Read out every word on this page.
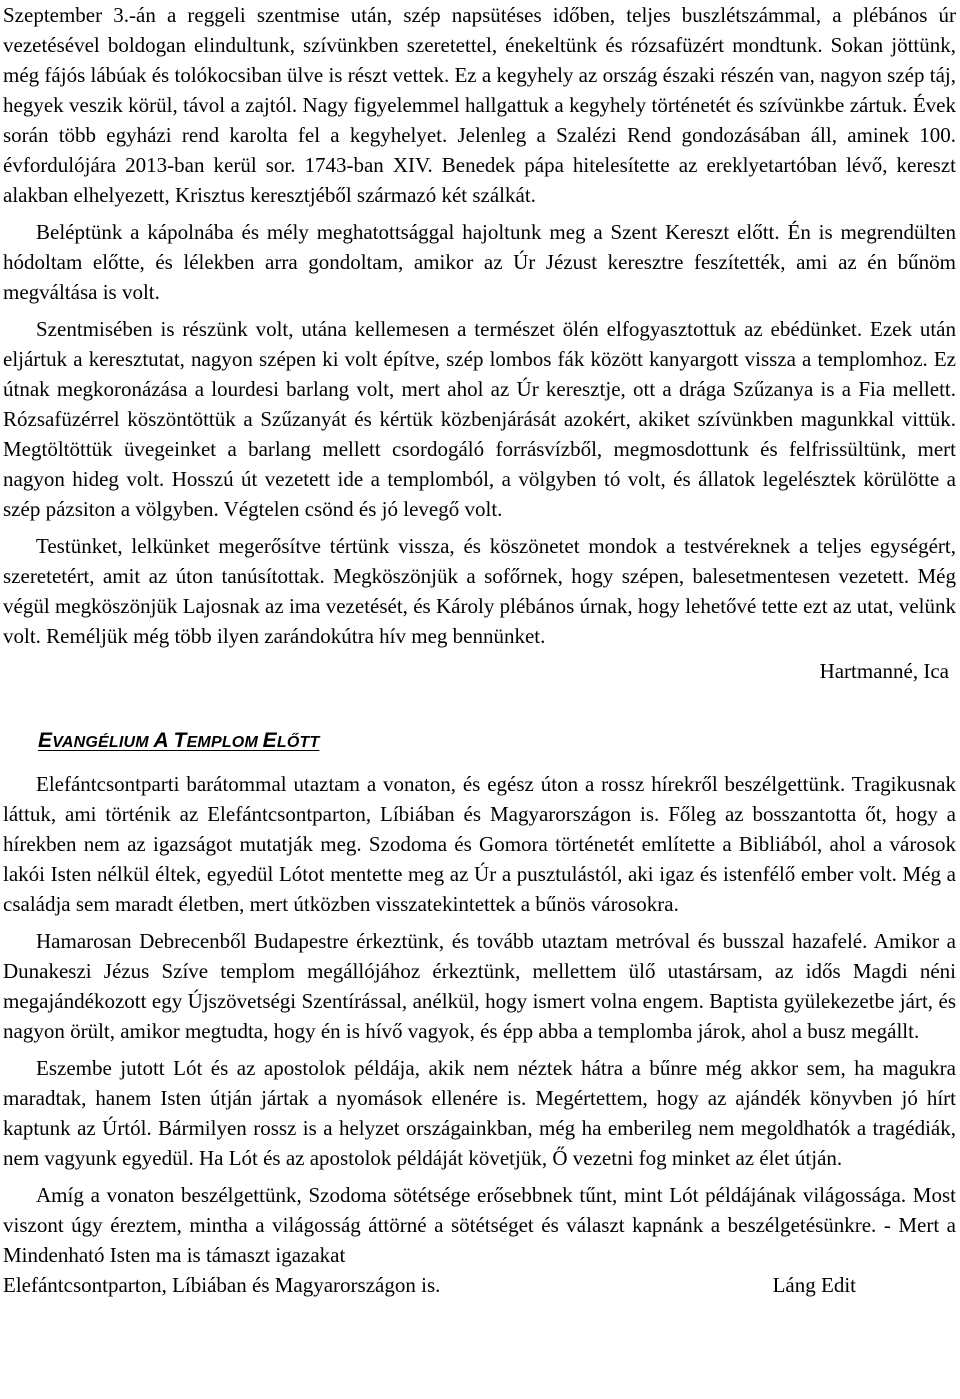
Szeptember 3.-án a reggeli szentmise után, szép napsütéses időben, teljes buszlétszámmal, a plébános úr vezetésével boldogan elindultunk, szívünkben szeretettel, énekeltünk és rózsafüzért mondtunk. Sokan jöttünk, még fájós lábúak és tolókocsiban ülve is részt vettek. Ez a kegyhely az ország északi részén van, nagyon szép táj, hegyek veszik körül, távol a zajtól. Nagy figyelemmel hallgattuk a kegyhely történetét és szívünkbe zártuk. Évek során több egyházi rend karolta fel a kegyhelyet. Jelenleg a Szalézi Rend gondozásában áll, aminek 100. évfordulójára 2013-ban kerül sor. 1743-ban XIV. Benedek pápa hitelesítette az ereklyetartóban lévő, kereszt alakban elhelyezett, Krisztus keresztjéből származó két szálkát.

Beléptünk a kápolnába és mély meghatottsággal hajoltunk meg a Szent Kereszt előtt. Én is megrendülten hódoltam előtte, és lélekben arra gondoltam, amikor az Úr Jézust keresztre feszítették, ami az én bűnöm megváltása is volt.

Szentmisében is részünk volt, utána kellemesen a természet ölén elfogyasztottuk az ebédünket. Ezek után eljártuk a keresztutat, nagyon szépen ki volt építve, szép lombos fák között kanyargott vissza a templomhoz. Ez útnak megkoronázása a lourdesi barlang volt, mert ahol az Úr keresztje, ott a drága Szűzanya is a Fia mellett. Rózsafüzérrel köszöntöttük a Szűzanyát és kértük közbenjárását azokért, akiket szívünkben magunkkal vittük. Megtöltöttük üvegeinket a barlang mellett csordogáló forrásvízből, megmosdottunk és felfrissültünk, mert nagyon hideg volt. Hosszú út vezetett ide a templomból, a völgyben tó volt, és állatok legelésztek körülötte a szép pázsiton a völgyben. Végtelen csönd és jó levegő volt.

Testünket, lelkünket megerősítve tértünk vissza, és köszönetet mondok a testvéreknek a teljes egységért, szeretetért, amit az úton tanúsítottak. Megköszönjük a sofőrnek, hogy szépen, balesetmentesen vezetett. Még végül megköszönjük Lajosnak az ima vezetését, és Károly plébános úrnak, hogy lehetővé tette ezt az utat, velünk volt. Reméljük még több ilyen zarándokútra hív meg bennünket.

Hartmanné, Ica

EVANGÉLIUM A TEMPLOM ELŐTT

Elefántcsontparti barátommal utaztam a vonaton, és egész úton a rossz hírekről beszélgettünk. Tragikusnak láttuk, ami történik az Elefántcsontparton, Líbiában és Magyarországon is. Főleg az bosszantotta őt, hogy a hírekben nem az igazságot mutatják meg. Szodoma és Gomora történetét említette a Bibliából, ahol a városok lakói Isten nélkül éltek, egyedül Lótot mentette meg az Úr a pusztulástól, aki igaz és istenfélő ember volt. Még a családja sem maradt életben, mert útközben visszatekintettek a bűnös városokra.

Hamarosan Debrecenből Budapestre érkeztünk, és tovább utaztam metróval és busszal hazafelé. Amikor a Dunakeszi Jézus Szíve templom megállójához érkeztünk, mellettem ülő utastársam, az idős Magdi néni megajándékozott egy Újszövetségi Szentírással, anélkül, hogy ismert volna engem. Baptista gyülekezetbe járt, és nagyon örült, amikor megtudta, hogy én is hívő vagyok, és épp abba a templomba járok, ahol a busz megállt.

Eszembe jutott Lót és az apostolok példája, akik nem néztek hátra a bűnre még akkor sem, ha magukra maradtak, hanem Isten útján jártak a nyomások ellenére is. Megértettem, hogy az ajándék könyvben jó hírt kaptunk az Úrtól. Bármilyen rossz is a helyzet országainkban, még ha emberileg nem megoldhatók a tragédiák, nem vagyunk egyedül. Ha Lót és az apostolok példáját követjük, Ő vezetni fog minket az élet útján.

Amíg a vonaton beszélgettünk, Szodoma sötétsége erősebbnek tűnt, mint Lót példájának világossága. Most viszont úgy éreztem, mintha a világosság áttörné a sötétséget és választ kapnánk a beszélgetésünkre. - Mert a Mindenható Isten ma is támaszt igazakat

Elefántcsontparton, Líbiában és Magyarországon is.	Láng Edit
